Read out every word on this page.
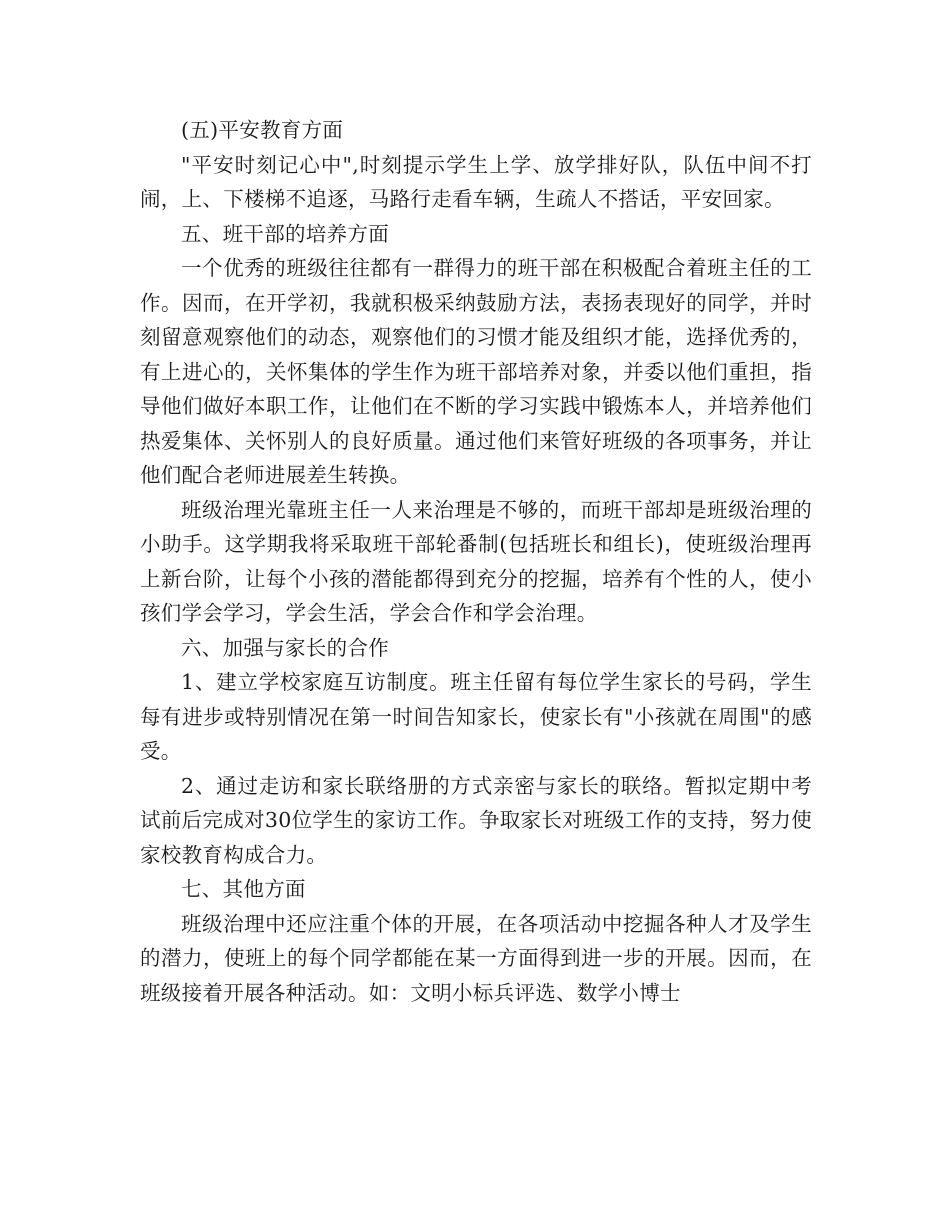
(五)平安教育方面

"平安时刻记心中",时刻提示学生上学、放学排好队，队伍中间不打闹，上、下楼梯不追逐，马路行走看车辆，生疏人不搭话，平安回家。

五、班干部的培养方面

一个优秀的班级往往都有一群得力的班干部在积极配合着班主任的工作。因而，在开学初，我就积极采纳鼓励方法，表扬表现好的同学，并时刻留意观察他们的动态，观察他们的习惯才能及组织才能，选择优秀的，有上进心的，关怀集体的学生作为班干部培养对象，并委以他们重担，指导他们做好本职工作，让他们在不断的学习实践中锻炼本人，并培养他们热爱集体、关怀别人的良好质量。通过他们来管好班级的各项事务，并让他们配合老师进展差生转换。

班级治理光靠班主任一人来治理是不够的，而班干部却是班级治理的小助手。这学期我将采取班干部轮番制(包括班长和组长)，使班级治理再上新台阶，让每个小孩的潜能都得到充分的挖掘，培养有个性的人，使小孩们学会学习，学会生活，学会合作和学会治理。

六、加强与家长的合作

1、建立学校家庭互访制度。班主任留有每位学生家长的号码，学生每有进步或特别情况在第一时间告知家长，使家长有"小孩就在周围"的感受。

2、通过走访和家长联络册的方式亲密与家长的联络。暂拟定期中考试前后完成对30位学生的家访工作。争取家长对班级工作的支持，努力使家校教育构成合力。

七、其他方面

班级治理中还应注重个体的开展，在各项活动中挖掘各种人才及学生的潜力，使班上的每个同学都能在某一方面得到进一步的开展。因而，在班级接着开展各种活动。如：文明小标兵评选、数学小博士
